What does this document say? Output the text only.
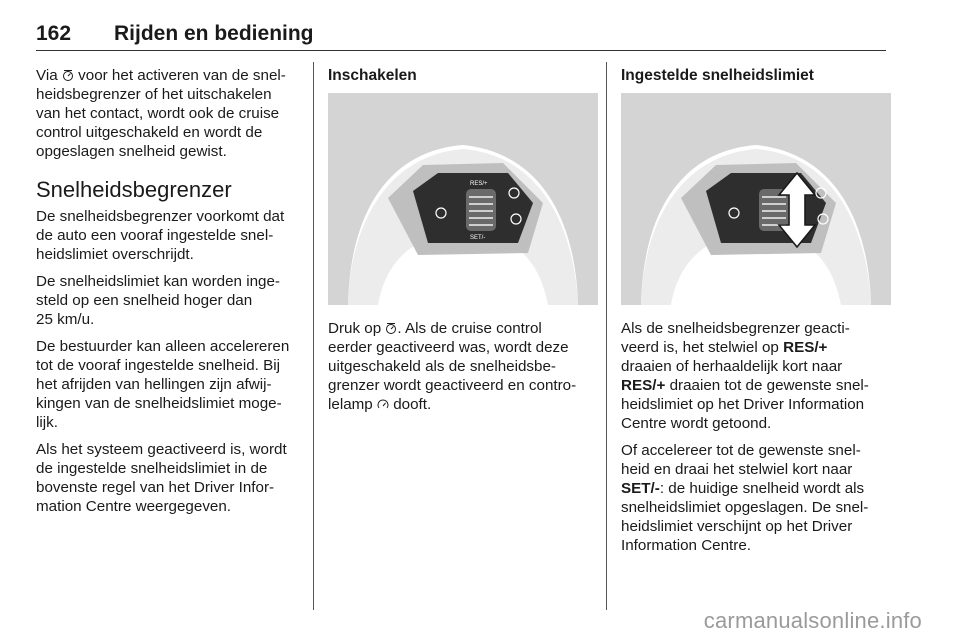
162 Rijden en bediening

Via voor het activeren van de snel-
heidsbegrenzer of het uitschakelen
van het contact, wordt ook de cruise
control uitgeschakeld en wordt de
opgeslagen snelheid gewist.

Snelheidsbegrenzer

De snelheidsbegrenzer voorkomt dat
de auto een vooraf ingestelde snel-
heidslimiet overschrijdt.

De snelheidslimiet kan worden inge-
steld op een snelheid hoger dan
25 km/u.

De bestuurder kan alleen accelereren
tot de vooraf ingestelde snelheid. Bij
het afrijden van hellingen zijn afwij-
kingen van de snelheidslimiet moge-
lijk.

Als het systeem geactiveerd is, wordt
de ingestelde snelheidslimiet in de
bovenste regel van het Driver Infor-
mation Centre weergegeven.

Inschakelen
RES/+
SET/-

Druk op . Als de cruise control
eerder geactiveerd was, wordt deze
uitgeschakeld als de snelheidsbe-
grenzer wordt geactiveerd en contro-
lelamp dooft.

Ingestelde snelheidslimiet

Als de snelheidsbegrenzer geacti-
veerd is, het stelwiel op RES/+
draaien of herhaaldelijk kort naar
RES/+ draaien tot de gewenste snel-
heidslimiet op het Driver Information
Centre wordt getoond.

Of accelereer tot de gewenste snel-
heid en draai het stelwiel kort naar
SET/-: de huidige snelheid wordt als
snelheidslimiet opgeslagen. De snel-
heidslimiet verschijnt op het Driver
Information Centre.

carmanualsonline.info
